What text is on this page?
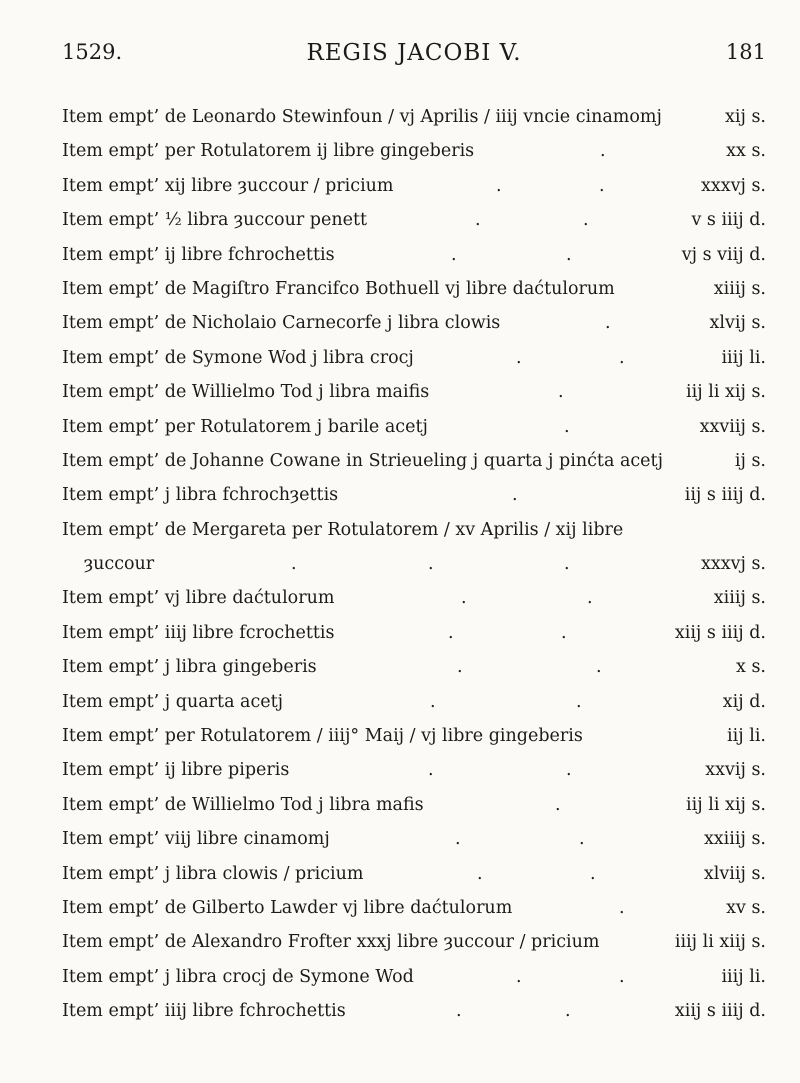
1529.	REGIS JACOBI V.	181
Item empt’ de Leonardo Stewinfoun / vj Aprilis / iiij vncie cinamomj	xij s.
Item empt’ per Rotulatorem ij libre gingeberis	xx s.
.
Item empt’ xij libre ȝuccour / pricium	xxxvj s.
.	.
Item empt’ ½ libra ȝuccour penett	v s iiij d.
.	.
Item empt’ ij libre fchrochettis	vj s viij d.
.	.
Item empt’ de Magiſtro Francifco Bothuell vj libre daćtulorum	xiiij s.
Item empt’ de Nicholaio Carnecorfe j libra clowis	xlvij s.
.
Item empt’ de Symone Wod j libra crocj	iiij li.
.	.
Item empt’ de Willielmo Tod j libra maifis	iij li xij s.
.
Item empt’ per Rotulatorem j barile acetj	xxviij s.
.
Item empt’ de Johanne Cowane in Strieueling j quarta j pinćta acetj	ij s.
Item empt’ j libra fchrochȝettis	iij s iiij d.
.
Item empt’ de Mergareta per Rotulatorem / xv Aprilis / xij libre
ȝuccour	xxxvj s.
.	.	.
Item empt’ vj libre daćtulorum	xiiij s.
.	.
Item empt’ iiij libre fcrochettis	xiij s iiij d.
.	.
Item empt’ j libra gingeberis	x s.
.	.
Item empt’ j quarta acetj	xij d.
.	.
Item empt’ per Rotulatorem / iiij° Maij / vj libre gingeberis	iij li.
Item empt’ ij libre piperis	xxvij s.
.	.
Item empt’ de Willielmo Tod j libra mafis	iij li xij s.
.
Item empt’ viij libre cinamomj	xxiiij s.
.	.
Item empt’ j libra clowis / pricium	xlviij s.
.	.
Item empt’ de Gilberto Lawder vj libre daćtulorum	xv s.
.
Item empt’ de Alexandro Frofter xxxj libre ȝuccour / pricium	iiij li xiij s.
Item empt’ j libra crocj de Symone Wod	iiij li.
.	.
Item empt’ iiij libre fchrochettis	xiij s iiij d.
.	.
